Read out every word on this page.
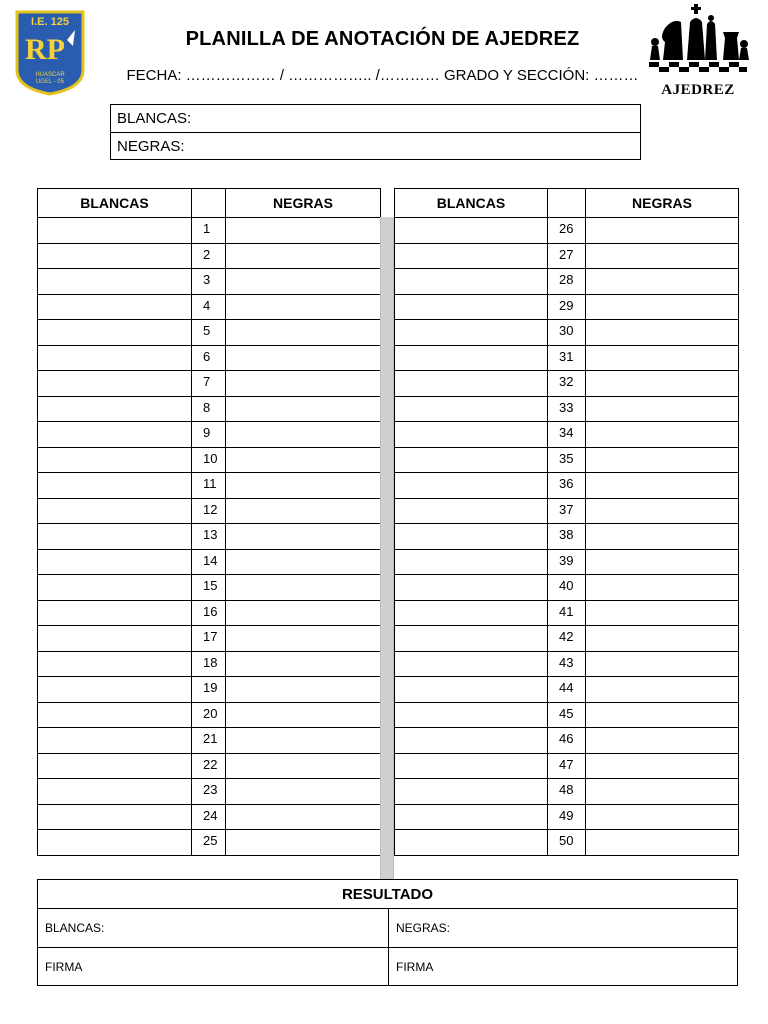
I.E. 125
RP
HUASCAR
UGEL - 05
PLANILLA DE ANOTACIÓN DE AJEDREZ
FECHA: ……………… / …………….. /………… GRADO Y SECCIÓN: ………
AJEDREZ
BLANCAS:
NEGRAS:
BLANCAS		NEGRAS
	1	
	2	
	3	
	4	
	5	
	6	
	7	
	8	
	9	
	10	
	11	
	12	
	13	
	14	
	15	
	16	
	17	
	18	
	19	
	20	
	21	
	22	
	23	
	24	
	25	
BLANCAS		NEGRAS
	26	
	27	
	28	
	29	
	30	
	31	
	32	
	33	
	34	
	35	
	36	
	37	
	38	
	39	
	40	
	41	
	42	
	43	
	44	
	45	
	46	
	47	
	48	
	49	
	50	
RESULTADO
BLANCAS:	NEGRAS:
FIRMA	FIRMA
